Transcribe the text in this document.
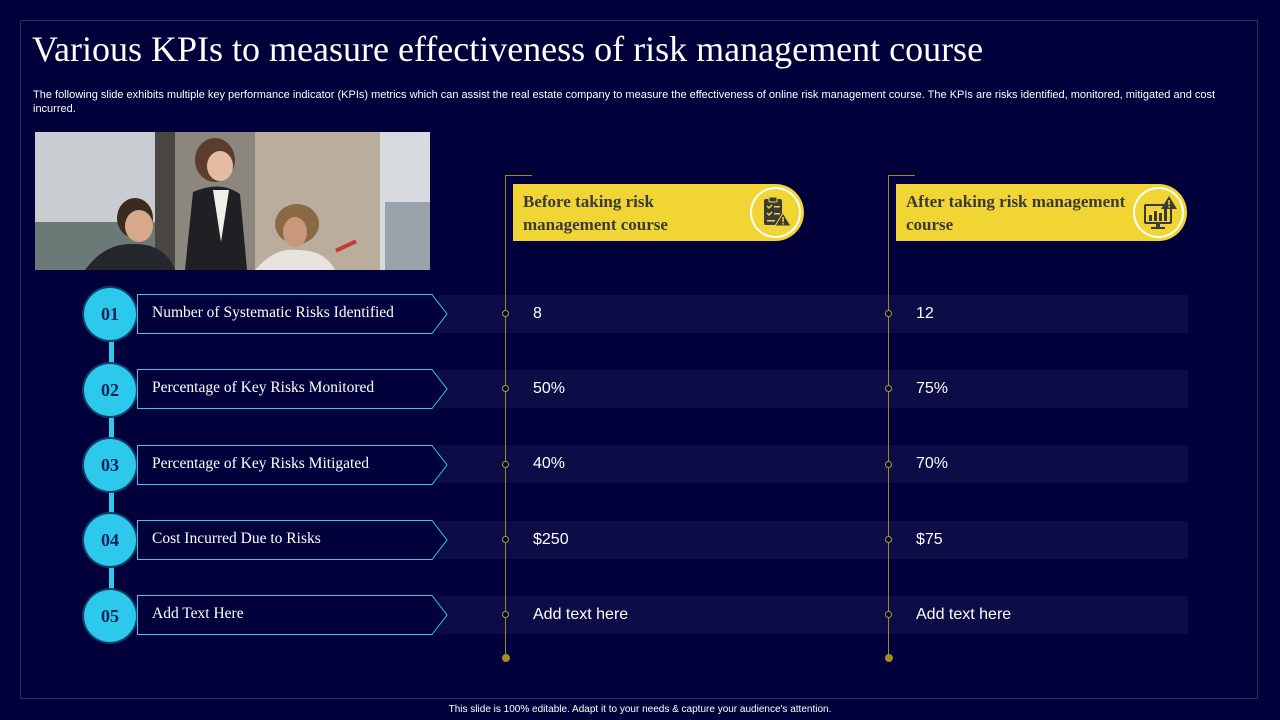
Various KPIs to measure effectiveness of risk management course
The following slide exhibits multiple key performance indicator (KPIs) metrics which can assist the real estate company to measure the effectiveness of online risk management course. The KPIs are risks identified, monitored, mitigated and cost incurred.
Before taking risk management course
After taking risk management course
01	Number of Systematic Risks Identified	8	12
02	Percentage of Key Risks Monitored	50%	75%
03	Percentage of Key Risks Mitigated	40%	70%
04	Cost Incurred Due to Risks	$250	$75
05	Add Text Here	Add text here	Add text here
This slide is 100% editable. Adapt it to your needs & capture your audience's attention.
